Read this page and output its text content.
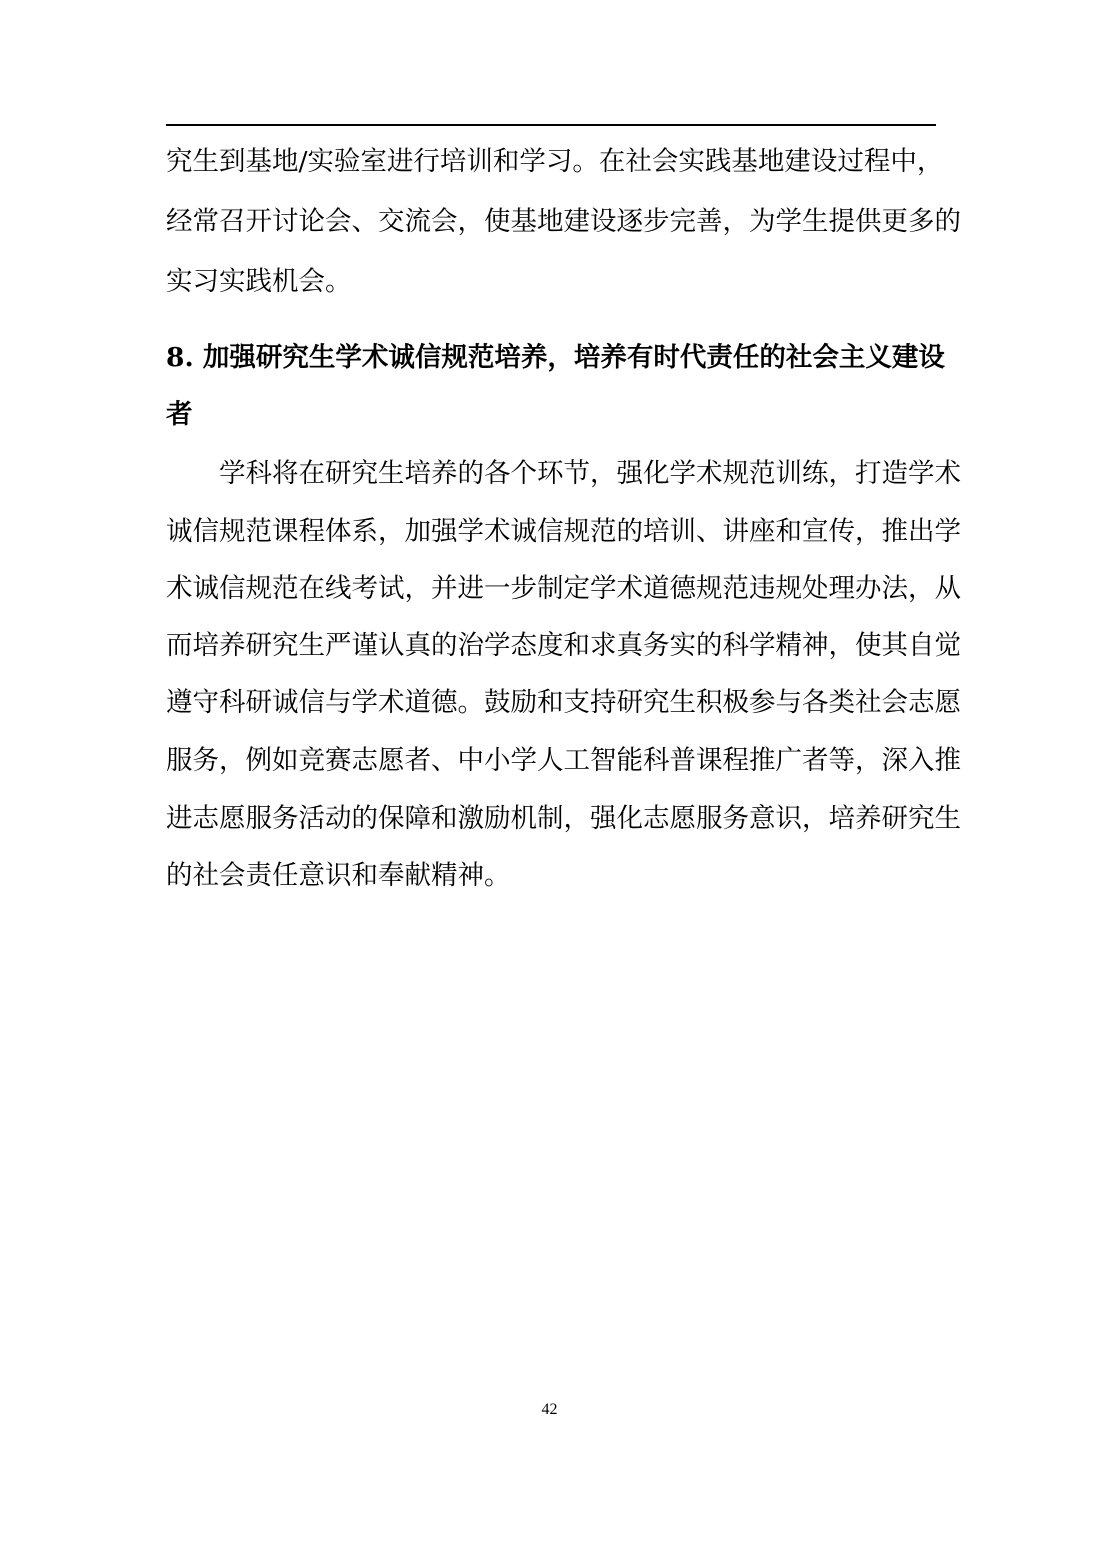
究生到基地/实验室进行培训和学习。在社会实践基地建设过程中，
经常召开讨论会、交流会，使基地建设逐步完善，为学生提供更多的
实习实践机会。
8. 加强研究生学术诚信规范培养，培养有时代责任的社会主义建设
者
　　学科将在研究生培养的各个环节，强化学术规范训练，打造学术
诚信规范课程体系，加强学术诚信规范的培训、讲座和宣传，推出学
术诚信规范在线考试，并进一步制定学术道德规范违规处理办法，从
而培养研究生严谨认真的治学态度和求真务实的科学精神，使其自觉
遵守科研诚信与学术道德。鼓励和支持研究生积极参与各类社会志愿
服务，例如竞赛志愿者、中小学人工智能科普课程推广者等，深入推
进志愿服务活动的保障和激励机制，强化志愿服务意识，培养研究生
的社会责任意识和奉献精神。
42
